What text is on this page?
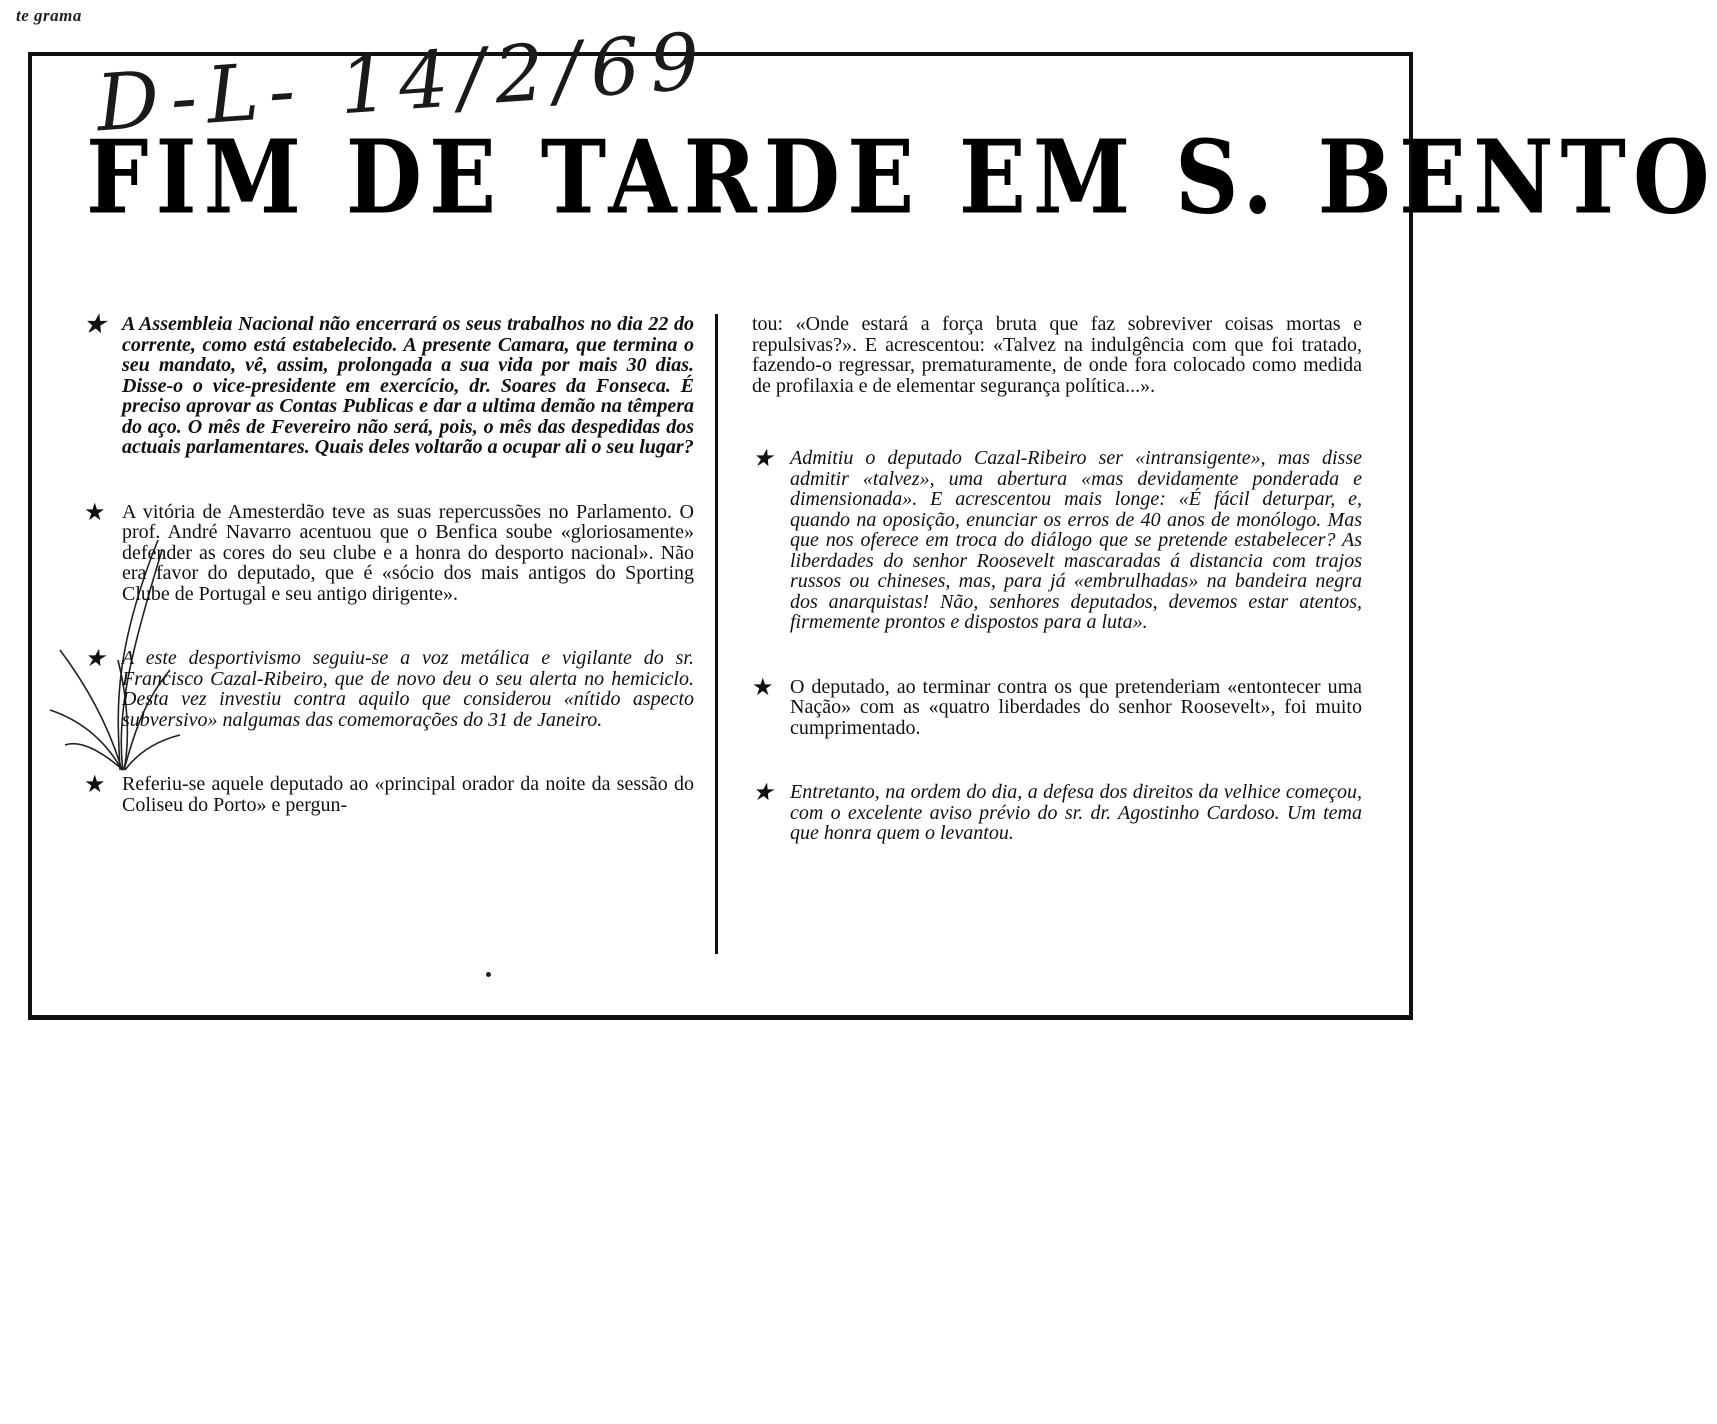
te grama
D-L- 14/2/69
FIM DE TARDE EM S. BENTO

★ A Assembleia Nacional não encerrará os seus trabalhos no dia 22 do corrente, como está estabelecido. A presente Camara, que termina o seu mandato, vê, assim, prolongada a sua vida por mais 30 dias. Disse-o o vice-presidente em exercício, dr. Soares da Fonseca. É preciso aprovar as Contas Publicas e dar a ultima demão na têmpera do aço. O mês de Fevereiro não será, pois, o mês das despedidas dos actuais parlamentares. Quais deles voltarão a ocupar ali o seu lugar?

★ A vitória de Amesterdão teve as suas repercussões no Parlamento. O prof. André Navarro acentuou que o Benfica soube «gloriosamente» defender as cores do seu clube e a honra do desporto nacional». Não era favor do deputado, que é «sócio dos mais antigos do Sporting Clube de Portugal e seu antigo dirigente».

★ A este desportivismo seguiu-se a voz metálica e vigilante do sr. Francisco Cazal-Ribeiro, que de novo deu o seu alerta no hemiciclo. Desta vez investiu contra aquilo que considerou «nítido aspecto subversivo» nalgumas das comemorações do 31 de Janeiro.

★ Referiu-se aquele deputado ao «principal orador da noite da sessão do Coliseu do Porto» e pergun-

tou: «Onde estará a força bruta que faz sobreviver coisas mortas e repulsivas?». E acrescentou: «Talvez na indulgência com que foi tratado, fazendo-o regressar, prematuramente, de onde fora colocado como medida de profilaxia e de elementar segurança política...».

★ Admitiu o deputado Cazal-Ribeiro ser «intransigente», mas disse admitir «talvez», uma abertura «mas devidamente ponderada e dimensionada». E acrescentou mais longe: «É fácil deturpar, e, quando na oposição, enunciar os erros de 40 anos de monólogo. Mas que nos oferece em troca do diálogo que se pretende estabelecer? As liberdades do senhor Roosevelt mascaradas á distancia com trajos russos ou chineses, mas, para já «embrulhadas» na bandeira negra dos anarquistas! Não, senhores deputados, devemos estar atentos, firmemente prontos e dispostos para a luta».

★ O deputado, ao terminar contra os que pretenderiam «entontecer uma Nação» com as «quatro liberdades do senhor Roosevelt», foi muito cumprimentado.

★ Entretanto, na ordem do dia, a defesa dos direitos da velhice começou, com o excelente aviso prévio do sr. dr. Agostinho Cardoso. Um tema que honra quem o levantou.
